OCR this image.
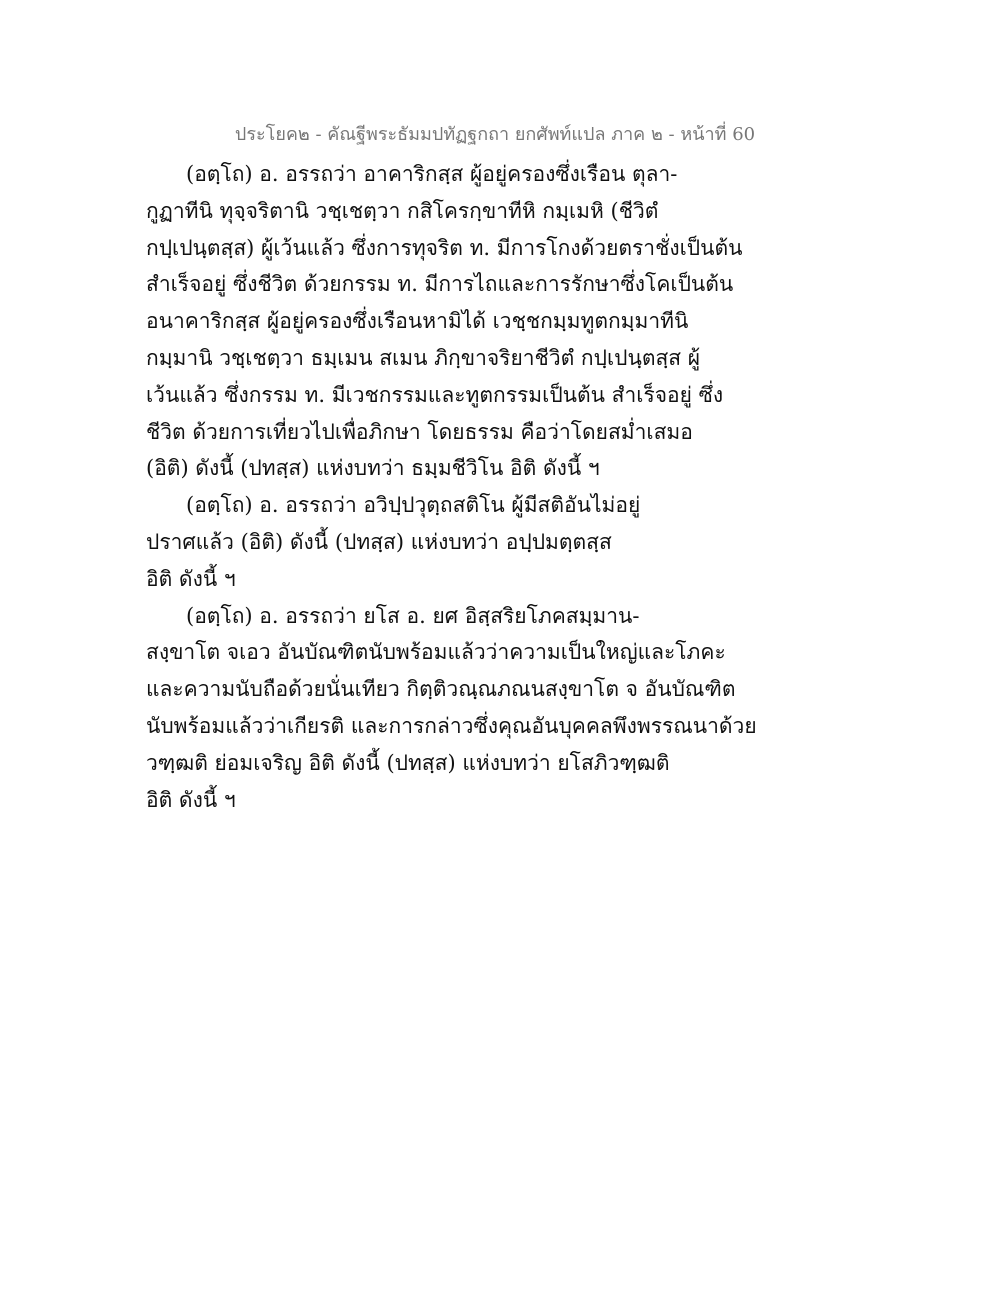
ประโยค๒ - คัณฐีพระธัมมปทัฏฐกถา ยกศัพท์แปล ภาค ๒ - หน้าที่ 60
(อตฺโถ) อ. อรรถว่า อาคาริกสฺส ผู้อยู่ครองซึ่งเรือน ตุลา-
กูฏาทีนิ ทุจฺจริตานิ วชฺเชตฺวา กสิโครกฺขาทีหิ กมฺเมหิ (ชีวิตํ
กปฺเปนฺตสฺส) ผู้เว้นแล้ว ซึ่งการทุจริต ท. มีการโกงด้วยตราชั่งเป็นต้น
สำเร็จอยู่ ซึ่งชีวิต ด้วยกรรม ท. มีการไถและการรักษาซึ่งโคเป็นต้น
อนาคาริกสฺส ผู้อยู่ครองซึ่งเรือนหามิได้ เวชฺชกมฺมทูตกมฺมาทีนิ
กมฺมานิ วชฺเชตฺวา ธมฺเมน สเมน ภิกฺขาจริยาชีวิตํ กปฺเปนฺตสฺส ผู้
เว้นแล้ว ซึ่งกรรม ท. มีเวชกรรมและทูตกรรมเป็นต้น สำเร็จอยู่ ซึ่ง
ชีวิต ด้วยการเที่ยวไปเพื่อภิกษา โดยธรรม คือว่าโดยสม่ำเสมอ
(อิติ) ดังนี้ (ปทสฺส) แห่งบทว่า ธมฺมชีวิโน อิติ ดังนี้ ฯ
(อตฺโถ) อ. อรรถว่า อวิปฺปวุตฺถสติโน ผู้มีสติอันไม่อยู่
ปราศแล้ว (อิติ) ดังนี้ (ปทสฺส) แห่งบทว่า อปฺปมตฺตสฺส
อิติ ดังนี้ ฯ
(อตฺโถ) อ. อรรถว่า ยโส อ. ยศ อิสฺสริยโภคสมฺมาน-
สงฺขาโต จเอว อันบัณฑิตนับพร้อมแล้วว่าความเป็นใหญ่และโภคะ
และความนับถือด้วยนั่นเทียว กิตฺติวณฺณภณนสงฺขาโต จ อันบัณฑิต
นับพร้อมแล้วว่าเกียรติ และการกล่าวซึ่งคุณอันบุคคลพึงพรรณนาด้วย
วฑฺฒติ ย่อมเจริญ อิติ ดังนี้ (ปทสฺส) แห่งบทว่า ยโสภิวฑฺฒติ
อิติ ดังนี้ ฯ
